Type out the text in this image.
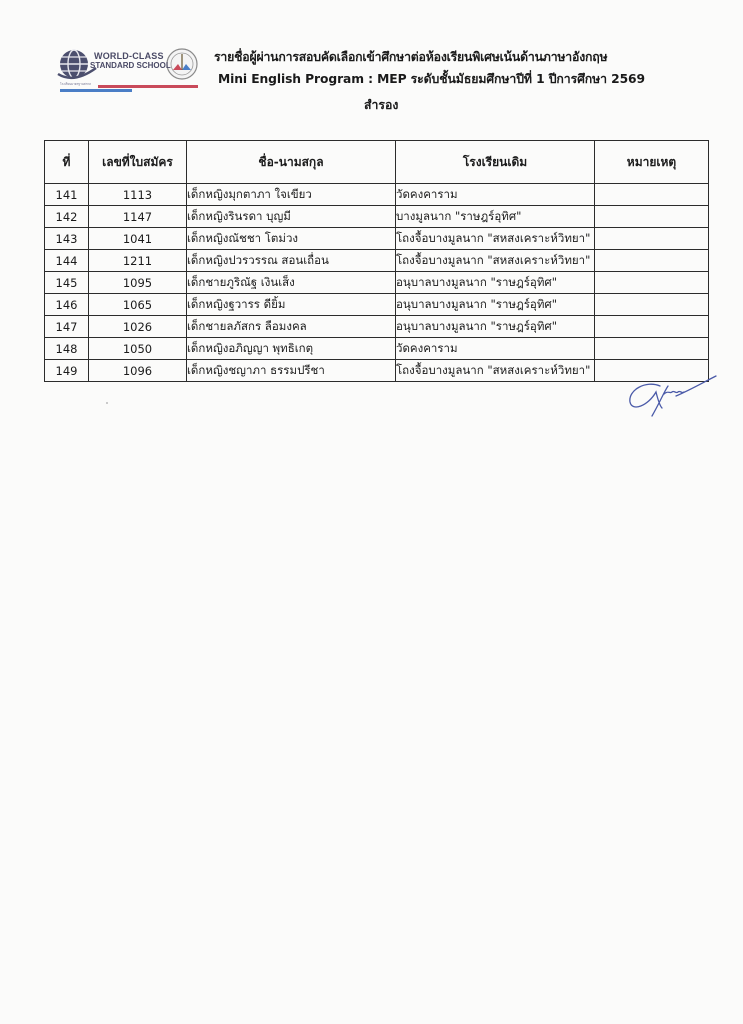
WORLD-CLASS
STANDARD SCHOOL
โรงเรียนมาตรฐานสากล
รายชื่อผู้ผ่านการสอบคัดเลือกเข้าศึกษาต่อห้องเรียนพิเศษเน้นด้านภาษาอังกฤษ
Mini English Program : MEP ระดับชั้นมัธยมศึกษาปีที่ 1 ปีการศึกษา 2569
สำรอง
ที่	เลขที่ใบสมัคร	ชื่อ-นามสกุล	โรงเรียนเดิม	หมายเหตุ
141	1113	เด็กหญิงมุกตาภา ใจเขียว	วัดคงคาราม	
142	1147	เด็กหญิงรินรดา บุญมี	บางมูลนาก "ราษฎร์อุทิศ"	
143	1041	เด็กหญิงณัชชา โตม่วง	โถงจื้อบางมูลนาก "สหสงเคราะห์วิทยา"	
144	1211	เด็กหญิงปวรวรรณ สอนเถื่อน	โถงจื้อบางมูลนาก "สหสงเคราะห์วิทยา"	
145	1095	เด็กชายภูริณัฐ เงินเส็ง	อนุบาลบางมูลนาก "ราษฎร์อุทิศ"	
146	1065	เด็กหญิงฐวารร ดียิ้ม	อนุบาลบางมูลนาก "ราษฎร์อุทิศ"	
147	1026	เด็กชายลภัสกร ลือมงคล	อนุบาลบางมูลนาก "ราษฎร์อุทิศ"	
148	1050	เด็กหญิงอภิญญา พุทธิเกตุ	วัดคงคาราม	
149	1096	เด็กหญิงชญาภา ธรรมปรีชา	โถงจื้อบางมูลนาก "สหสงเคราะห์วิทยา"	
